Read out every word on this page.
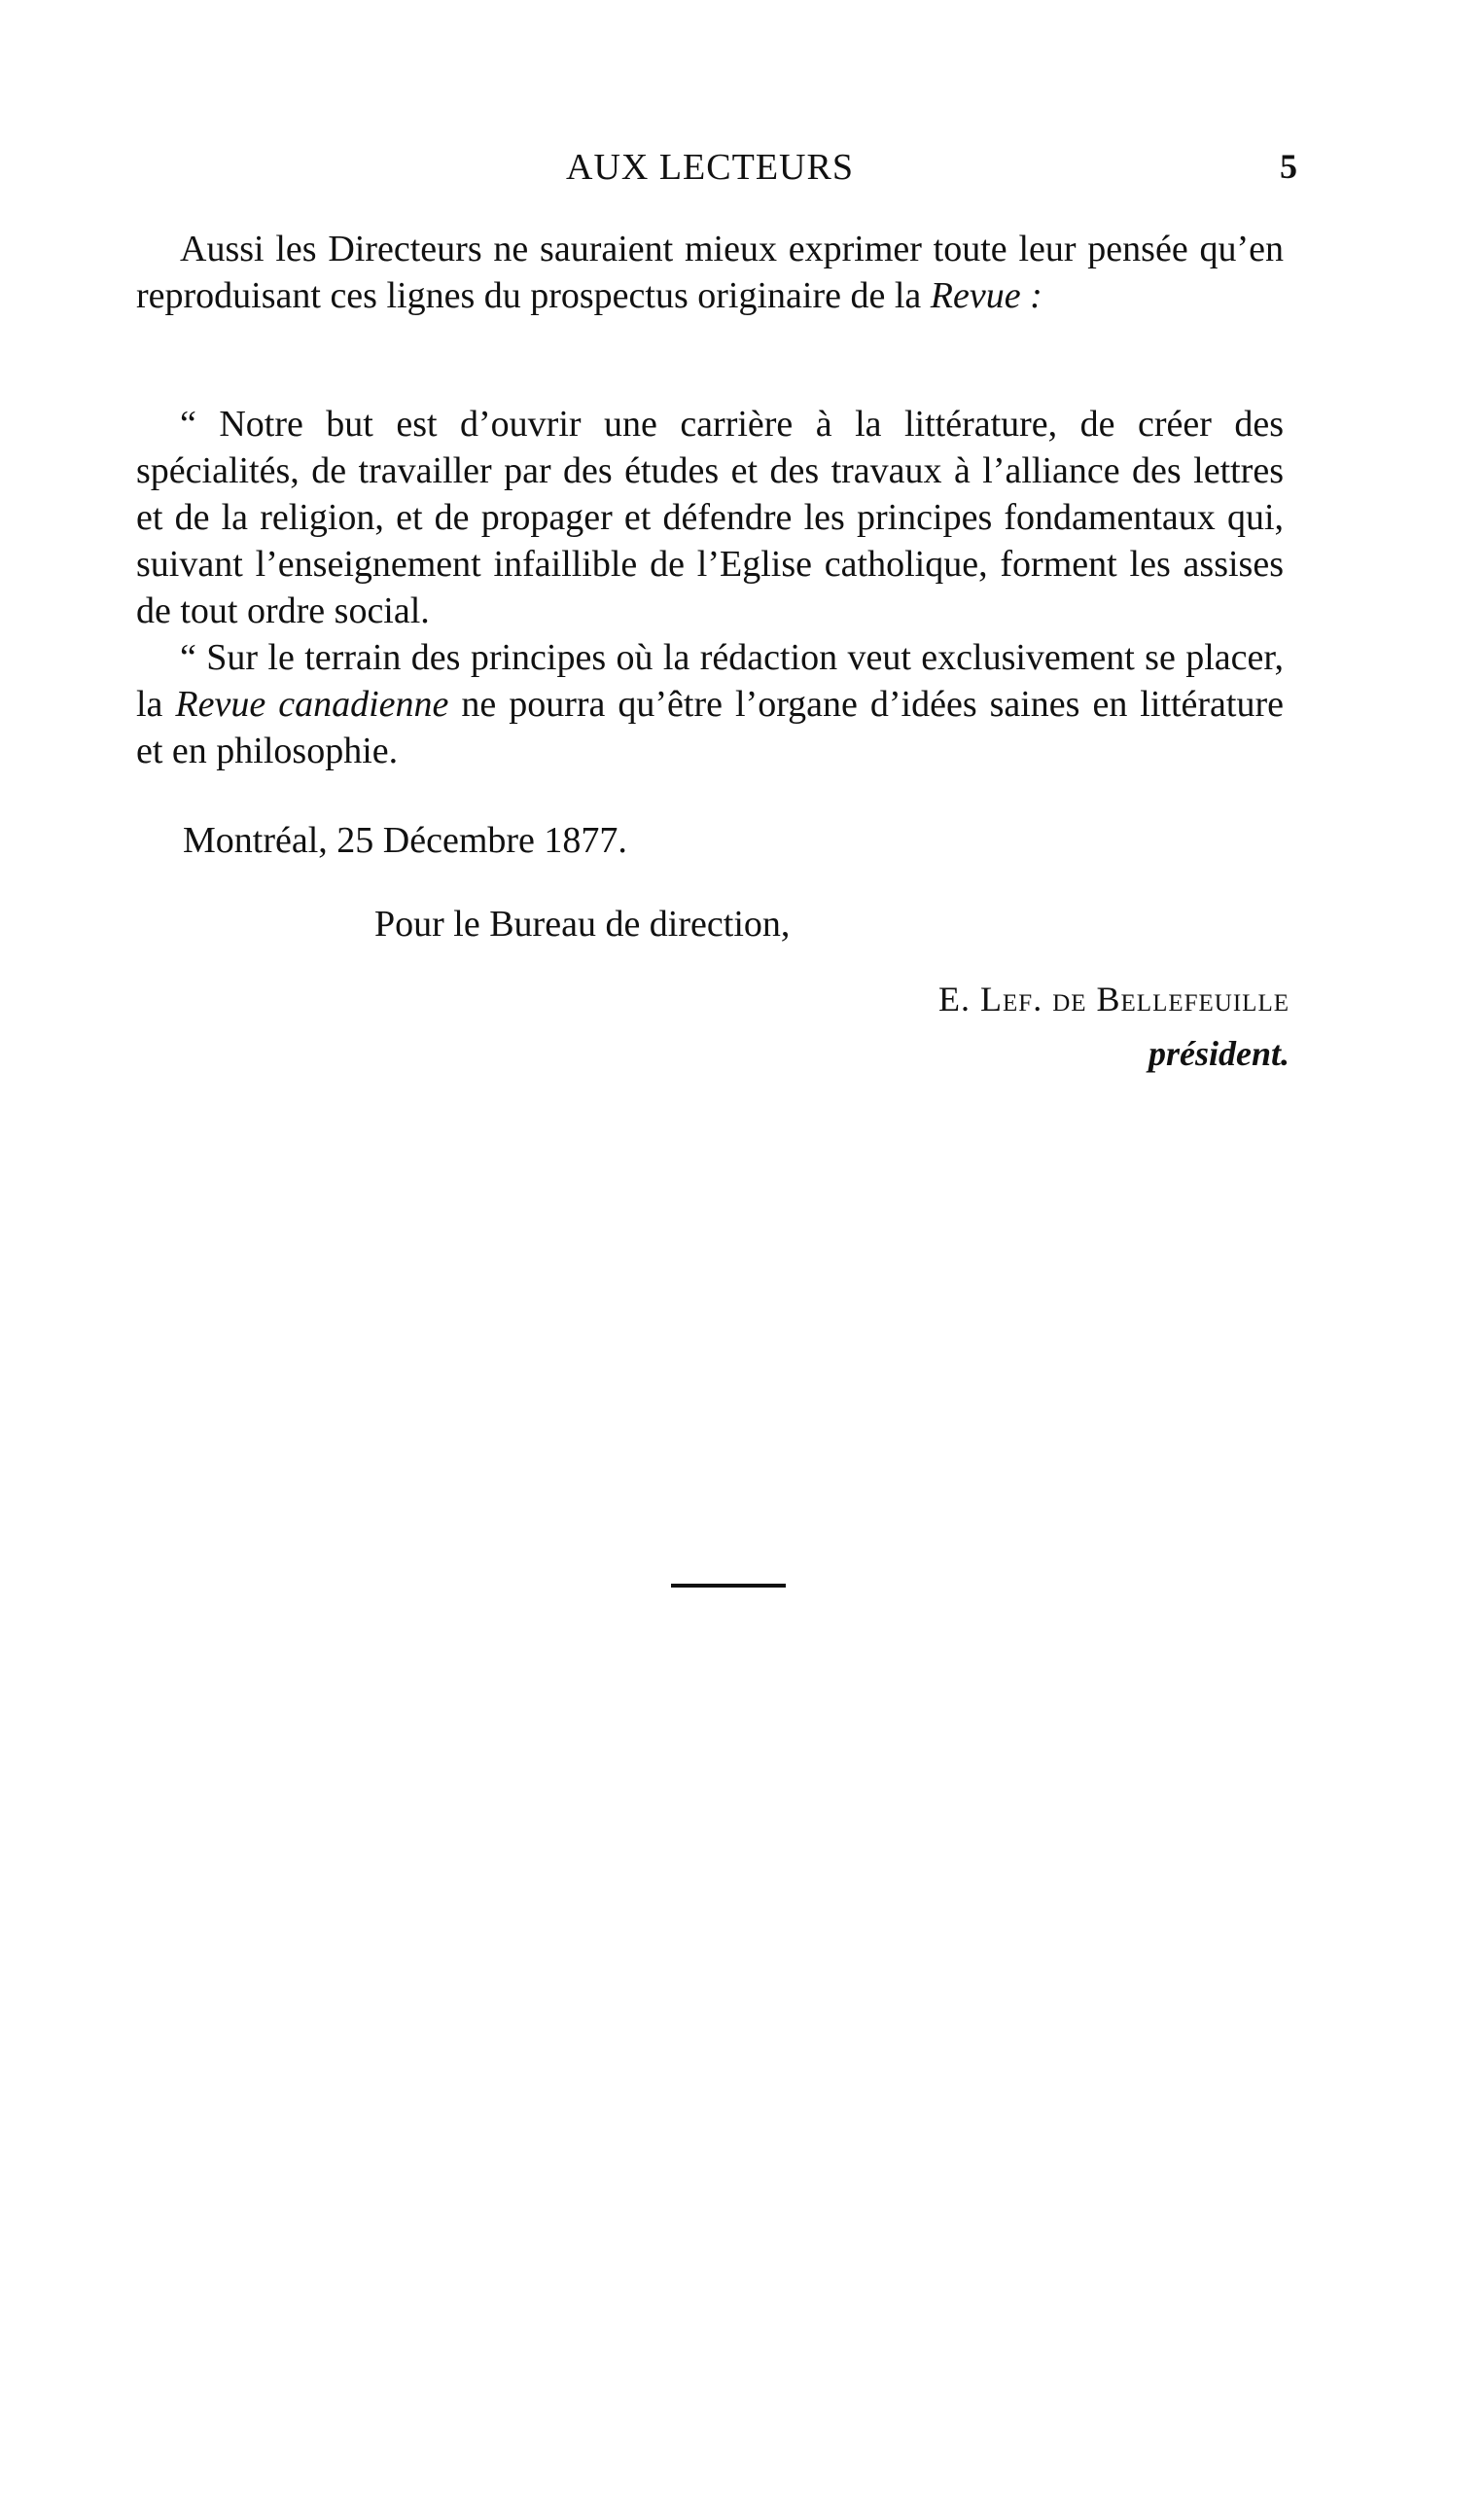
AUX LECTEURS	5

Aussi les Directeurs ne sauraient mieux exprimer toute leur pensée qu’en reproduisant ces lignes du prospectus originaire de la Revue :

“ Notre but est d’ouvrir une carrière à la littérature, de créer des spécialités, de travailler par des études et des travaux à l’alliance des lettres et de la religion, et de propager et défendre les principes fondamentaux qui, suivant l’enseignement infaillible de l’Eglise catholique, forment les assises de tout ordre social.

“ Sur le terrain des principes où la rédaction veut exclusivement se placer, la Revue canadienne ne pourra qu’être l’organe d’idées saines en littérature et en philosophie.

Montréal, 25 Décembre 1877.
Pour le Bureau de direction,
E. Lef. de Bellefeuille
président.
